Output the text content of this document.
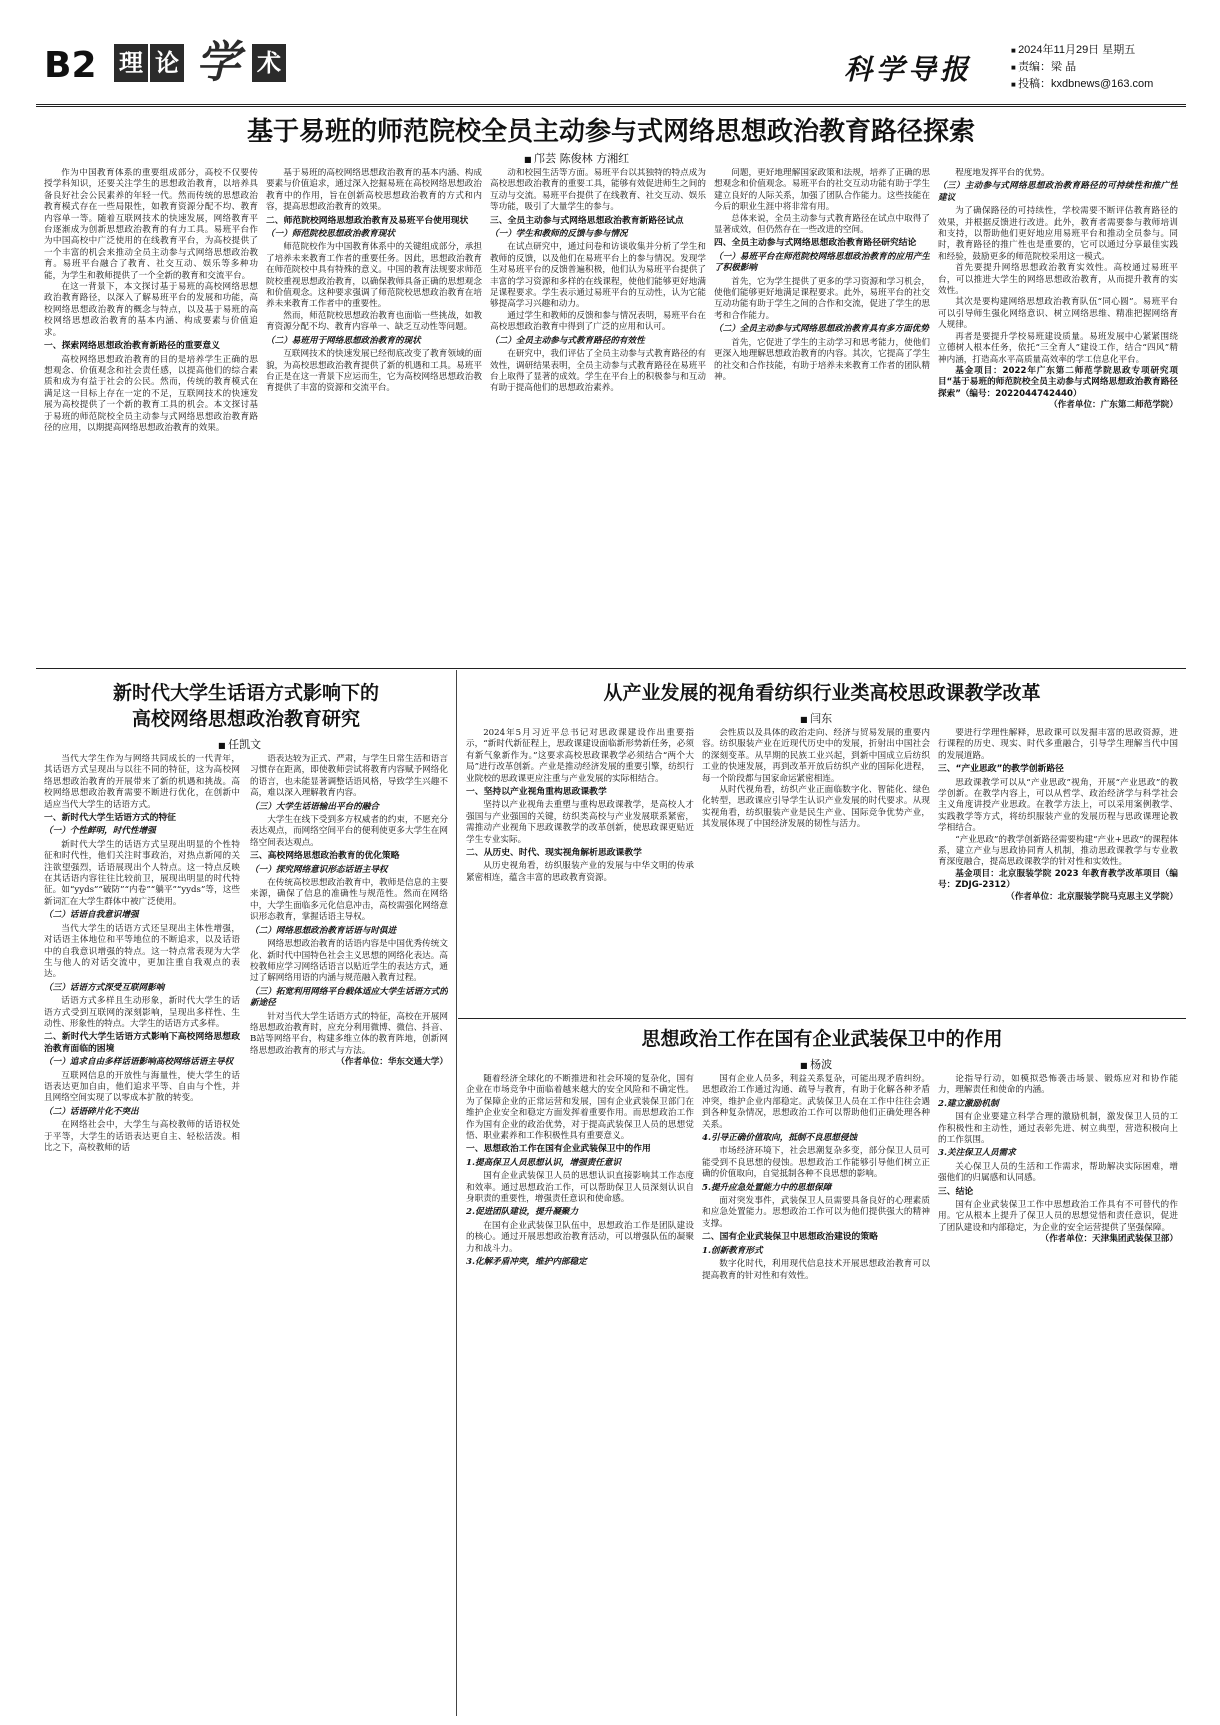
B2 理 论 学 术	科学导报
■ 2024年11月29日 星期五
■ 责编：梁 晶
■ 投稿：kxdbnews@163.com
基于易班的师范院校全员主动参与式网络思想政治教育路径探索
■ 邝芸 陈俊林 方湘红

作为中国教育体系的重要组成部分，高校不仅要传授学科知识，还要关注学生的思想政治教育，以培养具备良好社会公民素养的年轻一代。然而传统的思想政治教育模式存在一些局限性，如教育资源分配不均、教育内容单一等。随着互联网技术的快速发展，网络教育平台逐渐成为创新思想政治教育的有力工具。易班平台作为中国高校中广泛使用的在线教育平台，为高校提供了一个丰富的机会来推动全员主动参与式网络思想政治教育。易班平台融合了教育、社交互动、娱乐等多种功能，为学生和教师提供了一个全新的教育和交流平台。

在这一背景下，本文探讨基于易班的高校网络思想政治教育路径，以深入了解易班平台的发展和功能，高校网络思想政治教育的概念与特点，以及基于易班的高校网络思想政治教育的基本内涵、构成要素与价值追求。

一、探索网络思想政治教育新路径的重要意义

高校网络思想政治教育的目的是培养学生正确的思想观念、价值观念和社会责任感，以提高他们的综合素质和成为有益于社会的公民。然而，传统的教育模式在满足这一目标上存在一定的不足，互联网技术的快速发展为高校提供了一个新的教育工具的机会。本文探讨基于易班的师范院校全员主动参与式网络思想政治教育路径的应用，以期提高网络思想政治教育的效果。

基于易班的高校网络思想政治教育的基本内涵、构成要素与价值追求，通过深入挖掘易班在高校网络思想政治教育中的作用，旨在创新高校思想政治教育的方式和内容，提高思想政治教育的效果。

二、师范院校网络思想政治教育及易班平台使用现状
（一）师范院校思想政治教育现状

师范院校作为中国教育体系中的关键组成部分，承担了培养未来教育工作者的重要任务。因此，思想政治教育在师范院校中具有特殊的意义。中国的教育法规要求师范院校重视思想政治教育，以确保教师具备正确的思想观念和价值观念。这种要求强调了师范院校思想政治教育在培养未来教育工作者中的重要性。

然而，师范院校思想政治教育也面临一些挑战，如教育资源分配不均、教育内容单一、缺乏互动性等问题。

（二）易班用于网络思想政治教育的现状

互联网技术的快速发展已经彻底改变了教育领域的面貌，为高校思想政治教育提供了新的机遇和工具。易班平台正是在这一背景下应运而生，它为高校网络思想政治教育提供了丰富的资源和交流平台。

动和校园生活等方面。易班平台以其独特的特点成为高校思想政治教育的重要工具，能够有效促进师生之间的互动与交流。易班平台提供了在线教育、社交互动、娱乐等功能，吸引了大量学生的参与。

三、全员主动参与式网络思想政治教育新路径试点
（一）学生和教师的反馈与参与情况

在试点研究中，通过问卷和访谈收集并分析了学生和教师的反馈，以及他们在易班平台上的参与情况。发现学生对易班平台的反馈普遍积极，他们认为易班平台提供了丰富的学习资源和多样的在线课程，使他们能够更好地满足课程要求。学生表示通过易班平台的互动性，认为它能够提高学习兴趣和动力。

通过学生和教师的反馈和参与情况表明，易班平台在高校思想政治教育中得到了广泛的应用和认可。

（二）全员主动参与式教育路径的有效性

在研究中，我们评估了全员主动参与式教育路径的有效性，调研结果表明，全员主动参与式教育路径在易班平台上取得了显著的成效。学生在平台上的积极参与和互动有助于提高他们的思想政治素养。

问题，更好地理解国家政策和法规，培养了正确的思想观念和价值观念。易班平台的社交互动功能有助于学生建立良好的人际关系，加强了团队合作能力。这些技能在今后的职业生涯中将非常有用。

总体来说，全员主动参与式教育路径在试点中取得了显著成效，但仍然存在一些改进的空间。

四、全员主动参与式网络思想政治教育路径研究结论
（一）易班平台在师范院校网络思想政治教育的应用产生了积极影响

首先，它为学生提供了更多的学习资源和学习机会，使他们能够更好地满足课程要求。此外，易班平台的社交互动功能有助于学生之间的合作和交流，促进了学生的思考和合作能力。

（二）全员主动参与式网络思想政治教育具有多方面优势

首先，它促进了学生的主动学习和思考能力，使他们更深入地理解思想政治教育的内容。其次，它提高了学生的社交和合作技能，有助于培养未来教育工作者的团队精神。

程度地发挥平台的优势。

（三）主动参与式网络思想政治教育路径的可持续性和推广性建议

为了确保路径的可持续性，学校需要不断评估教育路径的效果，并根据反馈进行改进。此外，教育者需要参与教师培训和支持，以帮助他们更好地应用易班平台和推动全员参与。同时，教育路径的推广性也是重要的，它可以通过分享最佳实践和经验，鼓励更多的师范院校采用这一模式。

首先要提升网络思想政治教育实效性。高校通过易班平台，可以推进大学生的网络思想政治教育，从而提升教育的实效性。

其次是要构建网络思想政治教育队伍“同心圆”。易班平台可以引导师生强化网络意识、树立网络思维、精准把握网络育人规律。

再者是要提升学校易班建设质量。易班发展中心紧紧围绕立德树人根本任务，依托“三全育人”建设工作，结合“四风”精神内涵，打造高水平高质量高效率的学工信息化平台。

基金项目：2022年广东第二师范学院思政专项研究项目“基于易班的师范院校全员主动参与式网络思想政治教育路径探索”（编号：2022044742440）

（作者单位：广东第二师范学院）

新时代大学生话语方式影响下的
高校网络思想政治教育研究
■ 任凯文

当代大学生作为与网络共同成长的一代青年，其话语方式呈现出与以往不同的特征，这为高校网络思想政治教育的开展带来了新的机遇和挑战。高校网络思想政治教育需要不断进行优化，在创新中适应当代大学生的话语方式。

一、新时代大学生话语方式的特征
（一）个性鲜明，时代性增强

新时代大学生的话语方式呈现出明显的个性特征和时代性，他们关注时事政治，对热点新闻的关注欲望强烈，话语展现出个人特点。这一特点反映在其话语内容往往比较前卫，展现出明显的时代特征。如“yyds”“破防”“内卷”“躺平”“yyds”等，这些新词汇在大学生群体中被广泛使用。

（二）话语自我意识增强

当代大学生的话语方式还呈现出主体性增强，对话语主体地位和平等地位的不断追求，以及话语中的自我意识增强的特点。这一特点常表现为大学生与他人的对话交流中，更加注重自我观点的表达。

（三）话语方式深受互联网影响

话语方式多样且生动形象，新时代大学生的话语方式受到互联网的深刻影响，呈现出多样性、生动性、形象性的特点。大学生的话语方式多样。

二、新时代大学生话语方式影响下高校网络思想政治教育面临的困境
（一）追求自由多样话语影响高校网络话语主导权

互联网信息的开放性与海量性，使大学生的话语表达更加自由，他们追求平等、自由与个性，并且网络空间实现了以零成本扩散的转变。

（二）话语碎片化不突出

在网络社会中，大学生与高校教师的话语权处于平等，大学生的话语表达更自主、轻松活泼。相比之下，高校教师的话

语表达较为正式、严肃，与学生日常生活和语言习惯存在距离，即使教师尝试将教育内容赋予网络化的语言，也未能显著调整话语风格，导致学生兴趣不高，难以深入理解教育内容。

（三）大学生话语输出平台的融合

大学生在线下受到多方权威者的约束，不愿充分表达观点，而网络空间平台的便利使更多大学生在网络空间表达观点。

三、高校网络思想政治教育的优化策略
（一）探究网络意识形态话语主导权

在传统高校思想政治教育中，教师是信息的主要来源，确保了信息的准确性与规范性。然而在网络中，大学生面临多元化信息冲击，高校需强化网络意识形态教育，掌握话语主导权。

（二）网络思想政治教育话语与时俱进

网络思想政治教育的话语内容是中国优秀传统文化、新时代中国特色社会主义思想的网络化表达。高校教师应学习网络话语言以贴近学生的表达方式，通过了解网络用语的内涵与规范融入教育过程。

（三）拓宽利用网络平台载体适应大学生话语方式的新途径

针对当代大学生话语方式的特征，高校在开展网络思想政治教育时，应充分利用微博、微信、抖音、B站等网络平台，构建多维立体的教育阵地，创新网络思想政治教育的形式与方法。

（作者单位：华东交通大学）

从产业发展的视角看纺织行业类高校思政课教学改革
■ 闫东

2024年5月习近平总书记对思政课建设作出重要指示，“新时代新征程上，思政课建设面临新形势新任务，必须有新气象新作为。”这要求高校思政课教学必须结合“两个大局”进行改革创新。产业是推动经济发展的重要引擎，纺织行业院校的思政课更应注重与产业发展的实际相结合。

一、坚持以产业视角重构思政课教学

坚持以产业视角去重塑与重构思政课教学，是高校人才强国与产业强国的关键，纺织类高校与产业发展联系紧密，需推动产业视角下思政课教学的改革创新，使思政课更贴近学生专业实际。

二、从历史、时代、现实视角解析思政课教学

从历史视角看，纺织服装产业的发展与中华文明的传承紧密相连，蕴含丰富的思政教育资源。

会性质以及具体的政治走向、经济与贸易发展的重要内容。纺织服装产业在近现代历史中的发展，折射出中国社会的深刻变革。从早期的民族工业兴起，到新中国成立后纺织工业的快速发展，再到改革开放后纺织产业的国际化进程，每一个阶段都与国家命运紧密相连。

从时代视角看，纺织产业正面临数字化、智能化、绿色化转型，思政课应引导学生认识产业发展的时代要求。从现实视角看，纺织服装产业是民生产业、国际竞争优势产业，其发展体现了中国经济发展的韧性与活力。

要进行学理性解释，思政课可以发掘丰富的思政资源，进行课程的历史、现实、时代多重融合，引导学生理解当代中国的发展道路。

三、“产业思政”的教学创新路径

思政课教学可以从“产业思政”视角，开展“产业思政”的教学创新。在教学内容上，可以从哲学、政治经济学与科学社会主义角度讲授产业思政。在教学方法上，可以采用案例教学、实践教学等方式，将纺织服装产业的发展历程与思政课理论教学相结合。

“产业思政”的教学创新路径需要构建“产业+思政”的课程体系，建立产业与思政协同育人机制，推动思政课教学与专业教育深度融合，提高思政课教学的针对性和实效性。

基金项目：北京服装学院 2023 年教育教学改革项目（编号：ZDJG-2312）

（作者单位：北京服装学院马克思主义学院）

思想政治工作在国有企业武装保卫中的作用
■ 杨波

随着经济全球化的不断推进和社会环境的复杂化，国有企业在市场竞争中面临着越来越大的安全风险和不确定性。为了保障企业的正常运营和发展，国有企业武装保卫部门在维护企业安全和稳定方面发挥着重要作用。而思想政治工作作为国有企业的政治优势，对于提高武装保卫人员的思想觉悟、职业素养和工作积极性具有重要意义。

一、思想政治工作在国有企业武装保卫中的作用
1.提高保卫人员思想认识，增强责任意识

国有企业武装保卫人员的思想认识直接影响其工作态度和效率。通过思想政治工作，可以帮助保卫人员深刻认识自身职责的重要性，增强责任意识和使命感。

2.促进团队建设，提升凝聚力

在国有企业武装保卫队伍中，思想政治工作是团队建设的核心。通过开展思想政治教育活动，可以增强队伍的凝聚力和战斗力。

3.化解矛盾冲突，维护内部稳定

国有企业人员多，利益关系复杂，可能出现矛盾纠纷。思想政治工作通过沟通、疏导与教育，有助于化解各种矛盾冲突，维护企业内部稳定。武装保卫人员在工作中往往会遇到各种复杂情况，思想政治工作可以帮助他们正确处理各种关系。

4.引导正确价值取向，抵制不良思想侵蚀

市场经济环境下，社会思潮复杂多变，部分保卫人员可能受到不良思想的侵蚀。思想政治工作能够引导他们树立正确的价值取向，自觉抵制各种不良思想的影响。

5.提升应急处置能力中的思想保障

面对突发事件，武装保卫人员需要具备良好的心理素质和应急处置能力。思想政治工作可以为他们提供强大的精神支撑。

二、国有企业武装保卫中思想政治建设的策略
1.创新教育形式

数字化时代，利用现代信息技术开展思想政治教育可以提高教育的针对性和有效性。

论指导行动，如模拟恐怖袭击场景、锻炼应对和协作能力，理解责任和使命的内涵。

2.建立激励机制

国有企业要建立科学合理的激励机制，激发保卫人员的工作积极性和主动性，通过表彰先进、树立典型，营造积极向上的工作氛围。

3.关注保卫人员需求

关心保卫人员的生活和工作需求，帮助解决实际困难，增强他们的归属感和认同感。

三、结论

国有企业武装保卫工作中思想政治工作具有不可替代的作用。它从根本上提升了保卫人员的思想觉悟和责任意识，促进了团队建设和内部稳定，为企业的安全运营提供了坚强保障。

（作者单位：天津集团武装保卫部）
